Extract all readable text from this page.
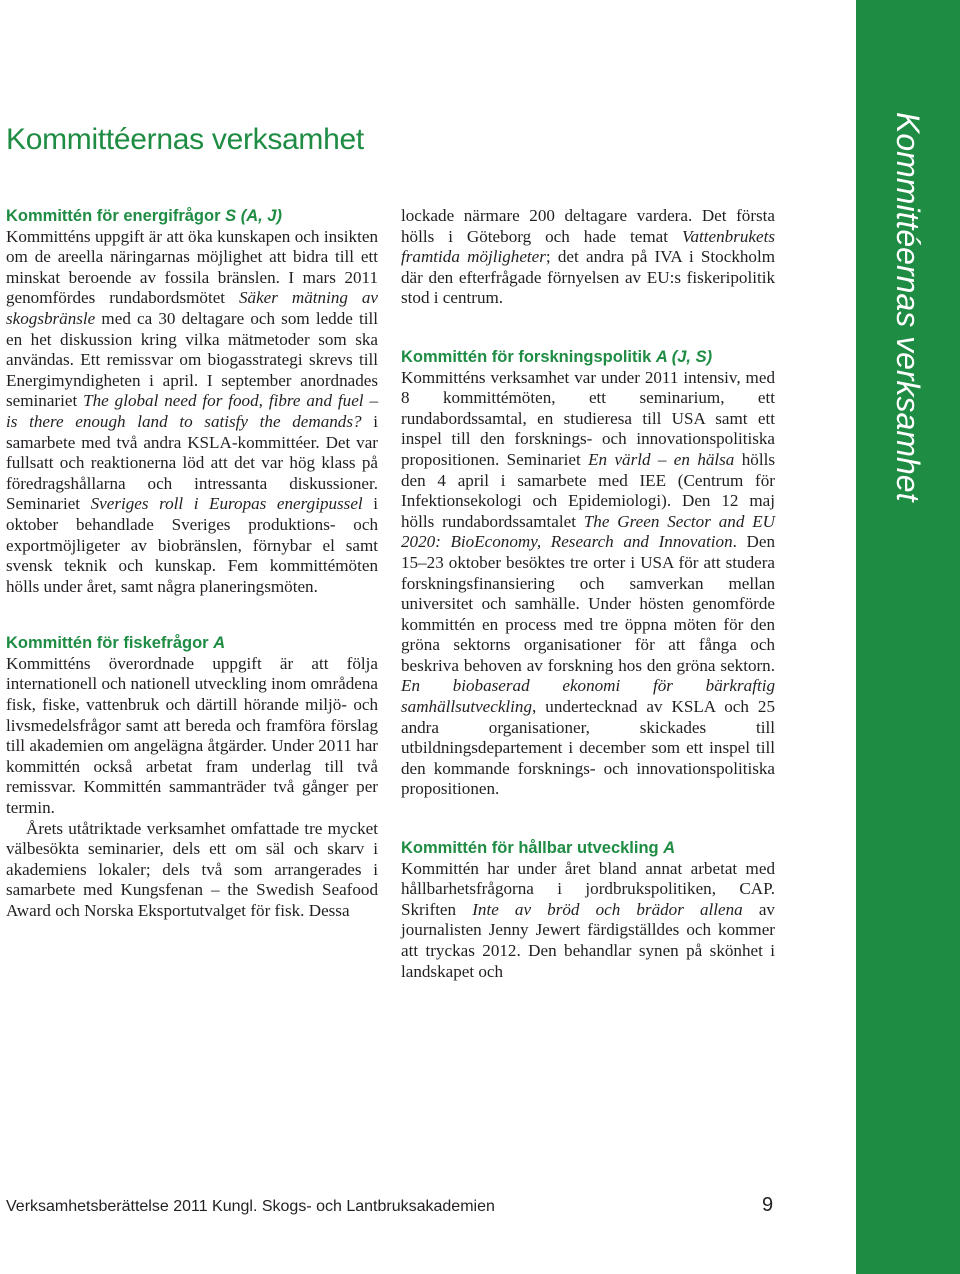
Kommittéernas verksamhet
Kommittéernas verksamhet
Kommittén för energifrågor S (A, J)

Kommitténs uppgift är att öka kunskapen och insikten om de areella näringarnas möjlighet att bidra till ett minskat beroende av fossila bränslen. I mars 2011 genomfördes rundabordsmötet Säker mätning av skogsbränsle med ca 30 deltagare och som ledde till en het diskussion kring vilka mätmetoder som ska användas. Ett remissvar om biogasstrategi skrevs till Energimyndigheten i april. I september anordnades seminariet The global need for food, fibre and fuel – is there enough land to satisfy the demands? i samarbete med två andra KSLA-kommittéer. Det var fullsatt och reaktionerna löd att det var hög klass på föredragshållarna och intressanta diskussioner. Seminariet Sveriges roll i Europas energipussel i oktober behandlade Sveriges produktions- och exportmöjligeter av biobränslen, förnybar el samt svensk teknik och kunskap. Fem kommittémöten hölls under året, samt några planeringsmöten.

Kommittén för fiskefrågor A

Kommitténs överordnade uppgift är att följa internationell och nationell utveckling inom områdena fisk, fiske, vattenbruk och därtill hörande miljö- och livsmedelsfrågor samt att bereda och framföra förslag till akademien om angelägna åtgärder. Under 2011 har kommittén också arbetat fram underlag till två remissvar. Kommittén sammanträder två gånger per termin.

Årets utåtriktade verksamhet omfattade tre mycket välbesökta seminarier, dels ett om säl och skarv i akademiens lokaler; dels två som arrangerades i samarbete med Kungsfenan – the Swedish Seafood Award och Norska Eksportutvalget för fisk. Dessa

lockade närmare 200 deltagare vardera. Det första hölls i Göteborg och hade temat Vattenbrukets framtida möjligheter; det andra på IVA i Stockholm där den efterfrågade förnyelsen av EU:s fiskeripolitik stod i centrum.

Kommittén för forskningspolitik A (J, S)

Kommitténs verksamhet var under 2011 intensiv, med 8 kommittémöten, ett seminarium, ett rundabordssamtal, en studieresa till USA samt ett inspel till den forsknings- och innovationspolitiska propositionen. Seminariet En värld – en hälsa hölls den 4 april i samarbete med IEE (Centrum för Infektionsekologi och Epidemiologi). Den 12 maj hölls rundabordssamtalet The Green Sector and EU 2020: BioEconomy, Research and Innovation. Den 15–23 oktober besöktes tre orter i USA för att studera forskningsfinansiering och samverkan mellan universitet och samhälle. Under hösten genomförde kommittén en process med tre öppna möten för den gröna sektorns organisationer för att fånga och beskriva behoven av forskning hos den gröna sektorn. En biobaserad ekonomi för bärkraftig samhällsutveckling, undertecknad av KSLA och 25 andra organisationer, skickades till utbildningsdepartement i december som ett inspel till den kommande forsknings- och innovationspolitiska propositionen.

Kommittén för hållbar utveckling A

Kommittén har under året bland annat arbetat med hållbarhetsfrågorna i jordbrukspolitiken, CAP. Skriften Inte av bröd och brädor allena av journalisten Jenny Jewert färdigställdes och kommer att tryckas 2012. Den behandlar synen på skönhet i landskapet och

Verksamhetsberättelse 2011 Kungl. Skogs- och Lantbruksakademien	9
